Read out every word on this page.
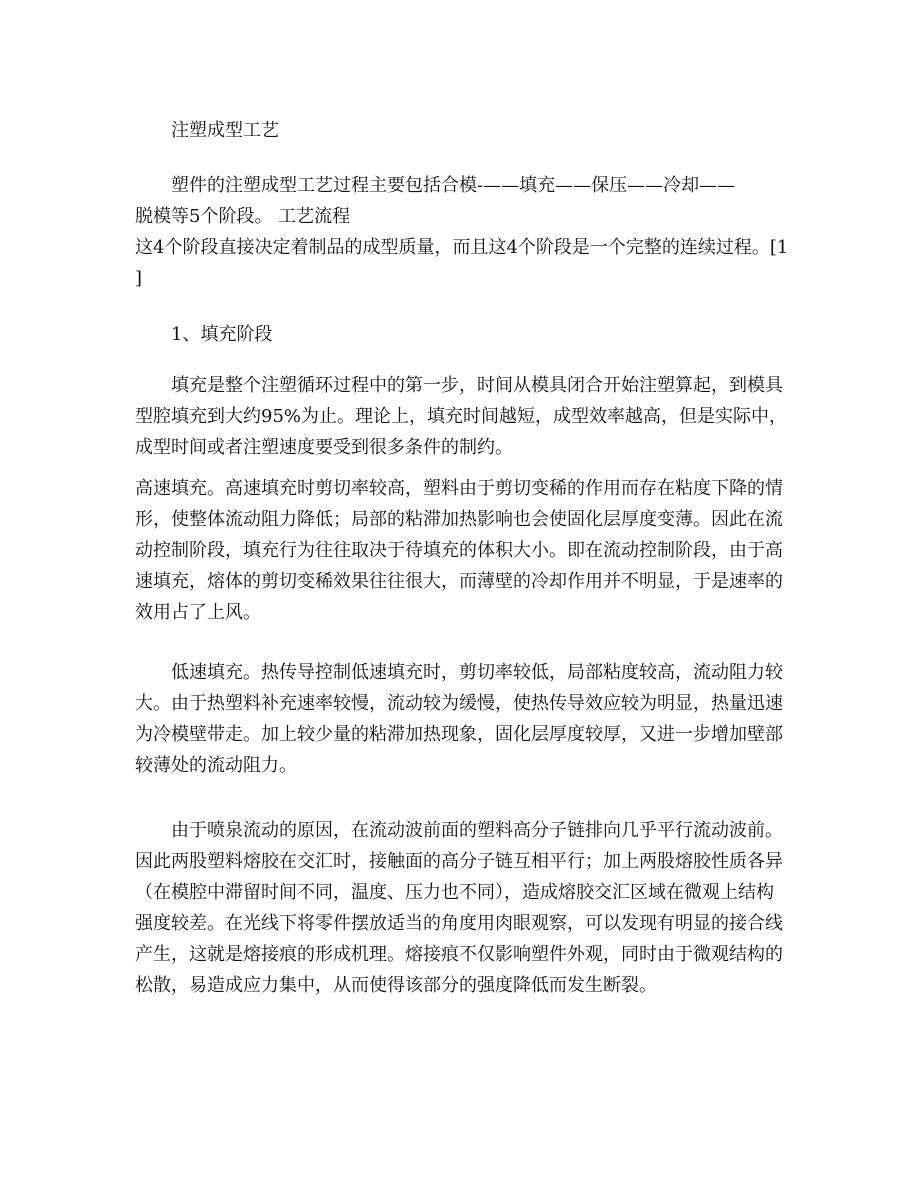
注塑成型工艺
塑件的注塑成型工艺过程主要包括合模-——填充——保压——冷却——
脱模等5个阶段。 工艺流程
这4个阶段直接决定着制品的成型质量，而且这4个阶段是一个完整的连续过程。[1
]
1、填充阶段
填充是整个注塑循环过程中的第一步，时间从模具闭合开始注塑算起，到模具
型腔填充到大约95%为止。理论上，填充时间越短，成型效率越高，但是实际中，
成型时间或者注塑速度要受到很多条件的制约。
高速填充。高速填充时剪切率较高，塑料由于剪切变稀的作用而存在粘度下降的情
形，使整体流动阻力降低；局部的粘滞加热影响也会使固化层厚度变薄。因此在流
动控制阶段，填充行为往往取决于待填充的体积大小。即在流动控制阶段，由于高
速填充，熔体的剪切变稀效果往往很大，而薄壁的冷却作用并不明显，于是速率的
效用占了上风。
低速填充。热传导控制低速填充时，剪切率较低，局部粘度较高，流动阻力较
大。由于热塑料补充速率较慢，流动较为缓慢，使热传导效应较为明显，热量迅速
为冷模壁带走。加上较少量的粘滞加热现象，固化层厚度较厚，又进一步增加壁部
较薄处的流动阻力。
由于喷泉流动的原因，在流动波前面的塑料高分子链排向几乎平行流动波前。
因此两股塑料熔胶在交汇时，接触面的高分子链互相平行；加上两股熔胶性质各异
（在模腔中滞留时间不同，温度、压力也不同），造成熔胶交汇区域在微观上结构
强度较差。在光线下将零件摆放适当的角度用肉眼观察，可以发现有明显的接合线
产生，这就是熔接痕的形成机理。熔接痕不仅影响塑件外观，同时由于微观结构的
松散，易造成应力集中，从而使得该部分的强度降低而发生断裂。
